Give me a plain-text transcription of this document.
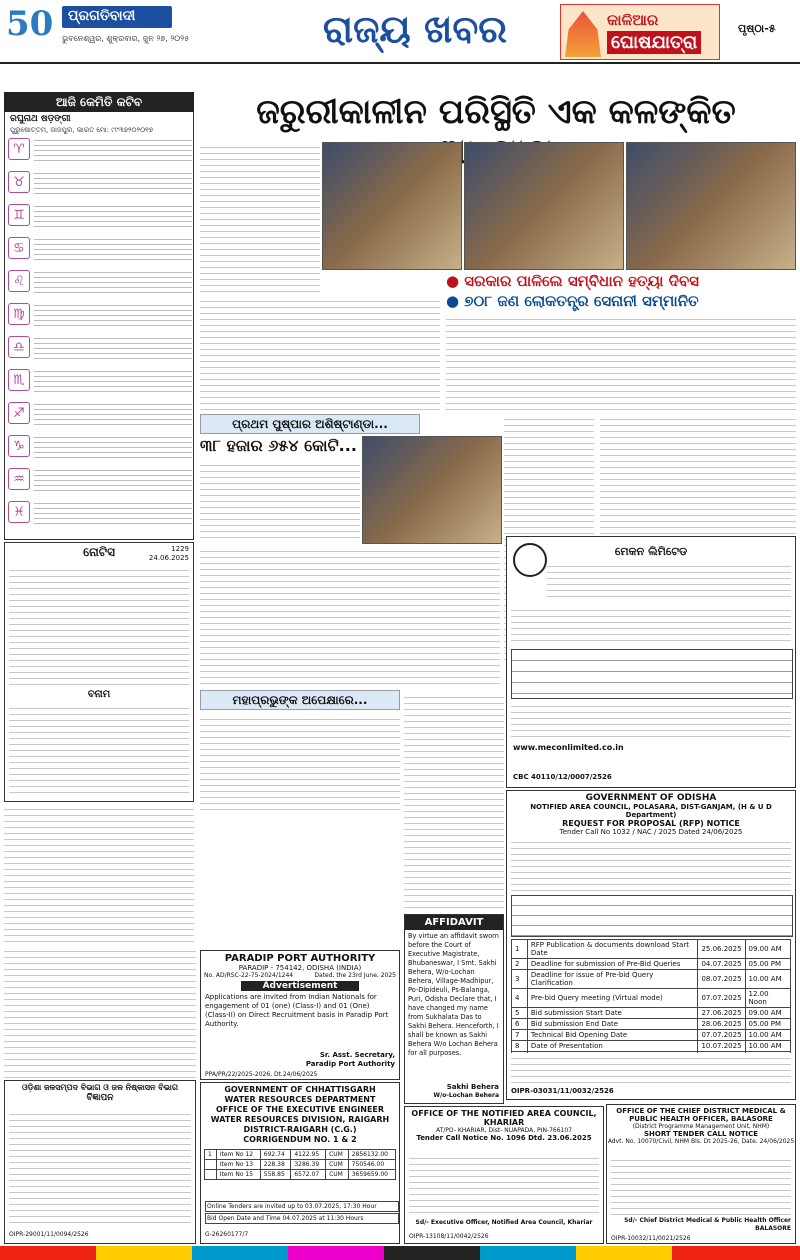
50	ପ୍ରଗତିବାଦୀ
ଭୁବନେଶ୍ୱର, ଶୁକ୍ରବାର, ଜୁନ ୨୭, ୨୦୨୫	ରାଜ୍ୟ ଖବର	କାଳିଆର
ଘୋଷଯାତ୍ରା
ପୃଷ୍ଠା-୫
ଆଜି କେମିତି କଟିବ
ରଘୁନାଥ ଷଡ଼ଙ୍ଗୀ
ପୁରୁଷୋତ୍ତମ, ଜାଜପୁର, ଭାରତ ମୋ: ୯୯୩୭୨୦୨୦୧୭
♈
♉
♊
♋
♌
♍
♎
♏
♐
♑
♒
♓
ଜରୁରୀକାଳୀନ ପରିସ୍ଥିତି ଏକ କଳଙ୍କିତ
● ସରକାର ପାଳିଲେ ସମ୍ବିଧାନ ହତ୍ୟା ଦିବସ
● ୭୦୮ ଜଣ ଲୋକତନ୍ତ୍ର ସେନାନୀ ସମ୍ମାନିତ
ପ୍ରଥମ ପୁଷ୍ପାର ଅଶିଷ୍ଟାଣ୍ଡା...
୩୮ ହଜାର ୬୫୪ କୋଟି...
ନୋଟିସ	1229
24.06.2025
ବନାମ	ମହାପ୍ରଭୁଙ୍କ ଅପେକ୍ଷାରେ...
ମେକନ ଲିମିଟେଡ
www.meconlimited.co.in
CBC 40110/12/0007/2526
GOVERNMENT OF ODISHA
NOTIFIED AREA COUNCIL, POLASARA, DIST-GANJAM, (H & U D Department)
REQUEST FOR PROPOSAL (RFP) NOTICE
Tender Call No 1032 / NAC / 2025 Dated 24/06/2025
1	RFP Publication & documents download Start Date	25.06.2025	09.00 AM
2	Deadline for submission of Pre-Bid Queries	04.07.2025	05.00 PM
3	Deadline for issue of Pre-bid Query Clarification	08.07.2025	10.00 AM
4	Pre-bid Query meeting (Virtual mode)	07.07.2025	12.00 Noon
5	Bid submission Start Date	27.06.2025	09.00 AM
6	Bid submission End Date	28.06.2025	05.00 PM
7	Technical Bid Opening Date	07.07.2025	10.00 AM
8	Date of Presentation	10.07.2025	10.00 AM

OIPR-03031/11/0032/2526
PARADIP PORT AUTHORITY
PARADIP - 754142, ODISHA (INDIA)
No. AD/RSC-22-75-2024/1244	Dated, the 23rd June, 2025
Advertisement
Applications are invited from Indian Nationals for engagement of 01 (one) (Class-I) and 01 (One) (Class-II) on Direct Recruitment basis in Paradip Port Authority.
Sr. Asst. Secretary,
Paradip Port Authority
PPA/PR/22/2025-2026, Dt.24/06/2025
GOVERNMENT OF CHHATTISGARH
WATER RESOURCES DEPARTMENT
OFFICE OF THE EXECUTIVE ENGINEER
WATER RESOURCES DIVISION, RAIGARH
DISTRICT-RAIGARH (C.G.)
CORRIGENDUM NO. 1 & 2
1	Item No 12	692.74	4122.95	CUM	2856132.00
	Item No 13	228.38	3286.39	CUM	750546.00
	Item No 15	558.85	6572.07	CUM	3659659.00
Online Tenders are invited up to 03.07.2025, 17:30 Hour
Bid Open Date and Time 04.07.2025 at 11:30 Hours
G-26260177/7
AFFIDAVIT
By virtue an affidavit sworn before the Court of Executive Magistrate, Bhubaneswar, I Smt. Sakhi Behera, W/o-Lochan Behera, Village-Madhipur, Po-Dipideuli, Ps-Balanga, Puri, Odisha Declare that, I have changed my name from Sukhalata Das to Sakhi Behera. Henceforth, I shall be known as Sakhi Behera W/o Lochan Behera for all purposes.
Sakhi Behera
W/o-Lochan Behera
OFFICE OF THE NOTIFIED AREA COUNCIL, KHARIAR
AT/PO- KHARIAR, Dist- NUAPADA, PIN-766107
Tender Call Notice No. 1096 Dtd. 23.06.2025
Sd/- Executive Officer, Notified Area Council, Khariar
OIPR-13108/11/0042/2526
OFFICE OF THE CHIEF DISTRICT MEDICAL & PUBLIC HEALTH OFFICER, BALASORE
(District Programme Management Unit, NHM)
SHORT TENDER CALL NOTICE
Advt. No. 10070/Civil, NHM Bls. Dt 2025-26, Date. 24/06/2025
Sd/- Chief District Medical & Public Health Officer
BALASORE
OIPR-10032/11/0021/2526
ଓଡ଼ିଶା ଜଳସମ୍ପଦ ବିଭାଗ ଓ ଜଳ ନିଷ୍କାସନ ବିଭାଗ
ବିଜ୍ଞାପନ
OIPR-29001/11/0094/2526
